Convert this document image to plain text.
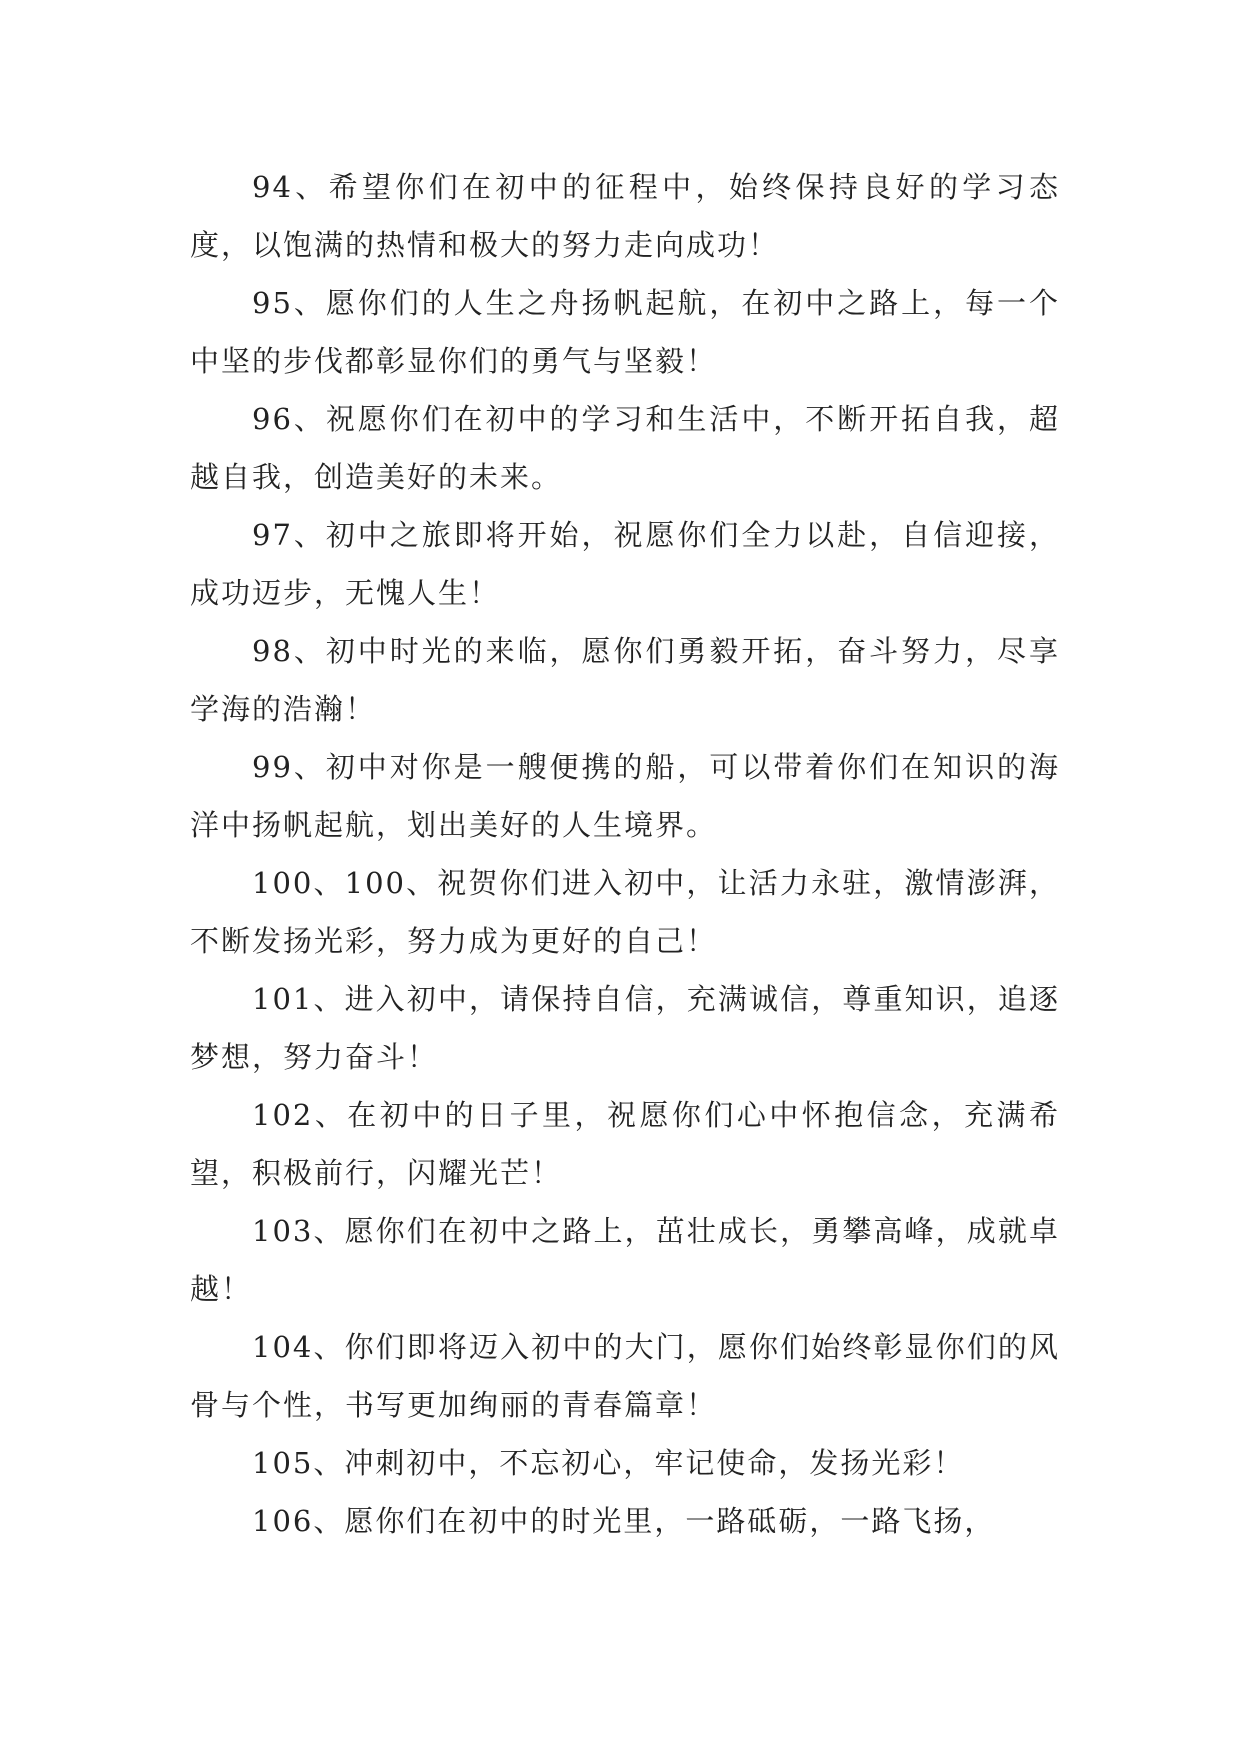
94、希望你们在初中的征程中，始终保持良好的学习态度，以饱满的热情和极大的努力走向成功！

95、愿你们的人生之舟扬帆起航，在初中之路上，每一个中坚的步伐都彰显你们的勇气与坚毅！

96、祝愿你们在初中的学习和生活中，不断开拓自我，超越自我，创造美好的未来。

97、初中之旅即将开始，祝愿你们全力以赴，自信迎接，成功迈步，无愧人生！

98、初中时光的来临，愿你们勇毅开拓，奋斗努力，尽享学海的浩瀚！

99、初中对你是一艘便携的船，可以带着你们在知识的海洋中扬帆起航，划出美好的人生境界。

100、100、祝贺你们进入初中，让活力永驻，激情澎湃，不断发扬光彩，努力成为更好的自己！

101、进入初中，请保持自信，充满诚信，尊重知识，追逐梦想，努力奋斗！

102、在初中的日子里，祝愿你们心中怀抱信念，充满希望，积极前行，闪耀光芒！

103、愿你们在初中之路上，茁壮成长，勇攀高峰，成就卓越！

104、你们即将迈入初中的大门，愿你们始终彰显你们的风骨与个性，书写更加绚丽的青春篇章！

105、冲刺初中，不忘初心，牢记使命，发扬光彩！

106、愿你们在初中的时光里，一路砥砺，一路飞扬，
